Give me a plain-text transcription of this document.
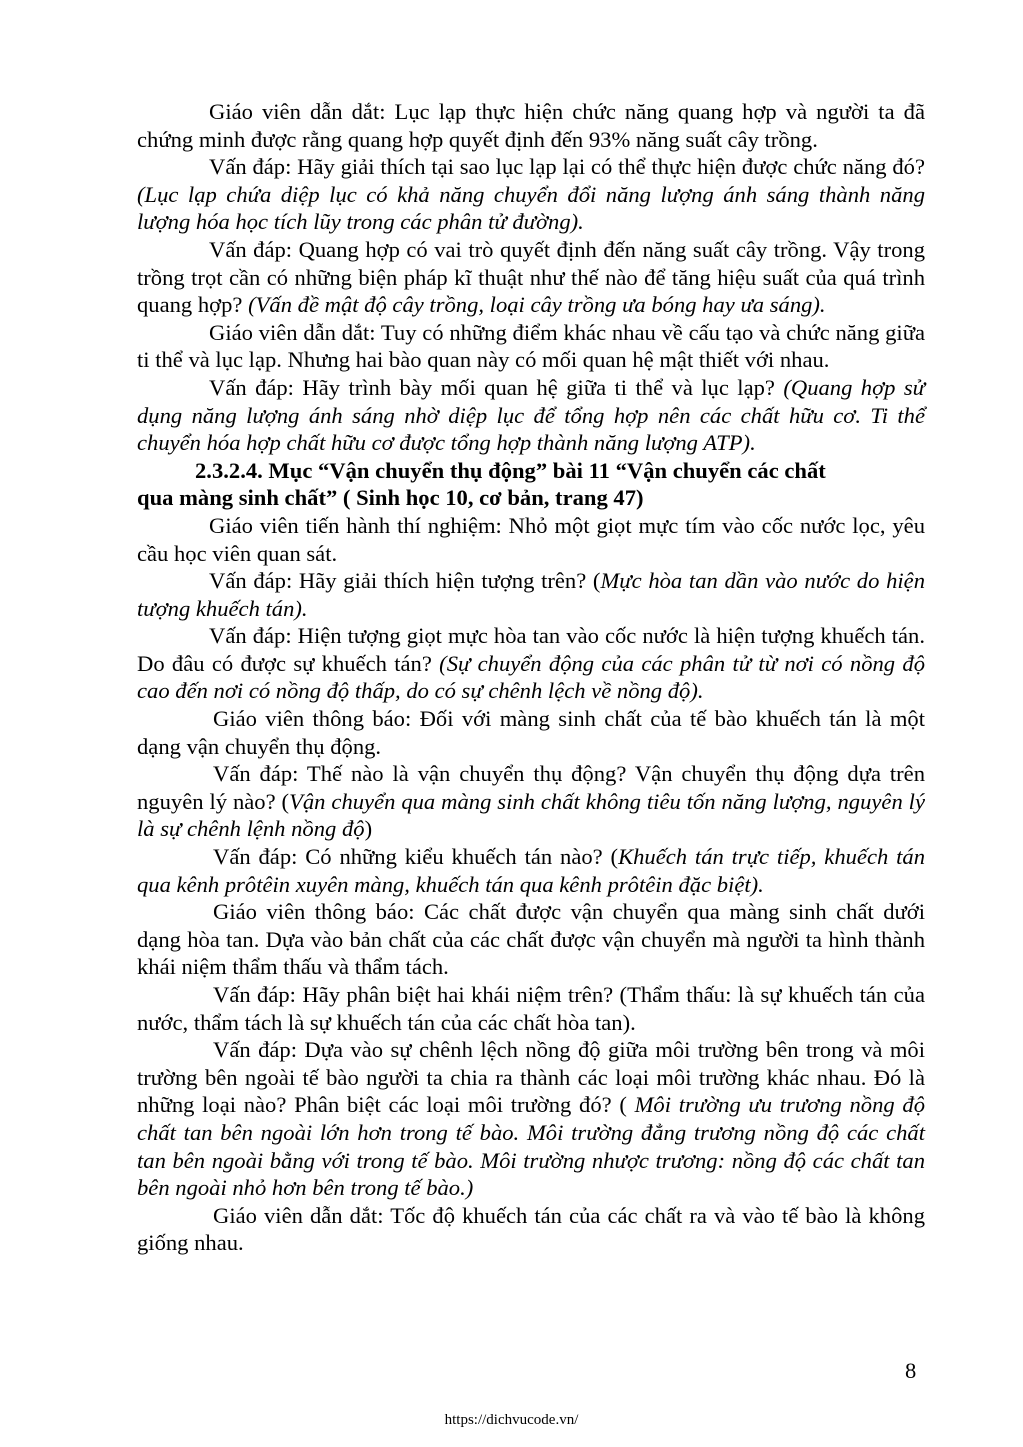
Giáo viên dẫn dắt: Lục lạp thực hiện chức năng quang hợp và người ta đã chứng minh được rằng quang hợp quyết định đến 93% năng suất cây trồng.

Vấn đáp: Hãy giải thích tại sao lục lạp lại có thể thực hiện được chức năng đó? (Lục lạp chứa diệp lục có khả năng chuyển đổi năng lượng ánh sáng thành năng lượng hóa học tích lũy trong các phân tử đường).

Vấn đáp: Quang hợp có vai trò quyết định đến năng suất cây trồng. Vậy trong trồng trọt cần có những biện pháp kĩ thuật như thế nào để tăng hiệu suất của quá trình quang hợp? (Vấn đề mật độ cây trồng, loại cây trồng ưa bóng hay ưa sáng).

Giáo viên dẫn dắt: Tuy có những điểm khác nhau về cấu tạo và chức năng giữa ti thể và lục lạp. Nhưng hai bào quan này có mối quan hệ mật thiết với nhau.

Vấn đáp: Hãy trình bày mối quan hệ giữa ti thể và lục lạp? (Quang hợp sử dụng năng lượng ánh sáng nhờ diệp lục để tổng hợp nên các chất hữu cơ. Ti thể chuyển hóa hợp chất hữu cơ được tổng hợp thành năng lượng ATP).

2.3.2.4. Mục “Vận chuyển thụ động” bài 11 “Vận chuyển các chất

qua màng sinh chất” ( Sinh học 10, cơ bản, trang 47)

Giáo viên tiến hành thí nghiệm: Nhỏ một giọt mực tím vào cốc nước lọc, yêu cầu học viên quan sát.

Vấn đáp: Hãy giải thích hiện tượng trên? (Mực hòa tan dần vào nước do hiện tượng khuếch tán).

Vấn đáp: Hiện tượng giọt mực hòa tan vào cốc nước là hiện tượng khuếch tán. Do đâu có được sự khuếch tán? (Sự chuyển động của các phân tử từ nơi có nồng độ cao đến nơi có nồng độ thấp, do có sự chênh lệch về nồng độ).

Giáo viên thông báo: Đối với màng sinh chất của tế bào khuếch tán là một dạng vận chuyển thụ động.

Vấn đáp: Thế nào là vận chuyển thụ động? Vận chuyển thụ động dựa trên nguyên lý nào? (Vận chuyển qua màng sinh chất không tiêu tốn năng lượng, nguyên lý là sự chênh lệnh nồng độ)

Vấn đáp: Có những kiểu khuếch tán nào? (Khuếch tán trực tiếp, khuếch tán qua kênh prôtêin xuyên màng, khuếch tán qua kênh prôtêin đặc biệt).

Giáo viên thông báo: Các chất được vận chuyển qua màng sinh chất dưới dạng hòa tan. Dựa vào bản chất của các chất được vận chuyển mà người ta hình thành khái niệm thẩm thấu và thẩm tách.

Vấn đáp: Hãy phân biệt hai khái niệm trên? (Thẩm thấu: là sự khuếch tán của nước, thẩm tách là sự khuếch tán của các chất hòa tan).

Vấn đáp: Dựa vào sự chênh lệch nồng độ giữa môi trường bên trong và môi trường bên ngoài tế bào người ta chia ra thành các loại môi trường khác nhau. Đó là những loại nào? Phân biệt các loại môi trường đó? ( Môi trường ưu trương nồng độ chất tan bên ngoài lớn hơn trong tế bào. Môi trường đẳng trương nồng độ các chất tan bên ngoài bằng với trong tế bào. Môi trường nhược trương: nồng độ các chất tan bên ngoài nhỏ hơn bên trong tế bào.)

Giáo viên dẫn dắt: Tốc độ khuếch tán của các chất ra và vào tế bào là không giống nhau.

8
https://dichvucode.vn/
